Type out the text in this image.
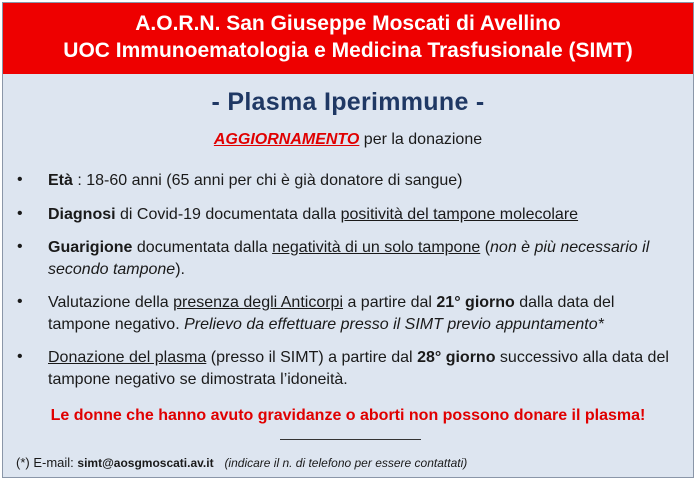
A.O.R.N. San Giuseppe Moscati di Avellino
UOC Immunoematologia e Medicina Trasfusionale (SIMT)
- Plasma Iperimmune -
AGGIORNAMENTO per la donazione
• Età : 18-60 anni (65 anni per chi è già donatore di sangue)
• Diagnosi di Covid-19 documentata dalla positività del tampone molecolare
• Guarigione documentata dalla negatività di un solo tampone (non è più necessario il secondo tampone).
• Valutazione della presenza degli Anticorpi a partire dal 21° giorno dalla data del tampone negativo. Prelievo da effettuare presso il SIMT previo appuntamento*
• Donazione del plasma (presso il SIMT) a partire dal 28° giorno successivo alla data del tampone negativo se dimostrata l’idoneità.
Le donne che hanno avuto gravidanze o aborti non possono donare il plasma!
(*) E-mail: simt@aosgmoscati.av.it (indicare il n. di telefono per essere contattati)
